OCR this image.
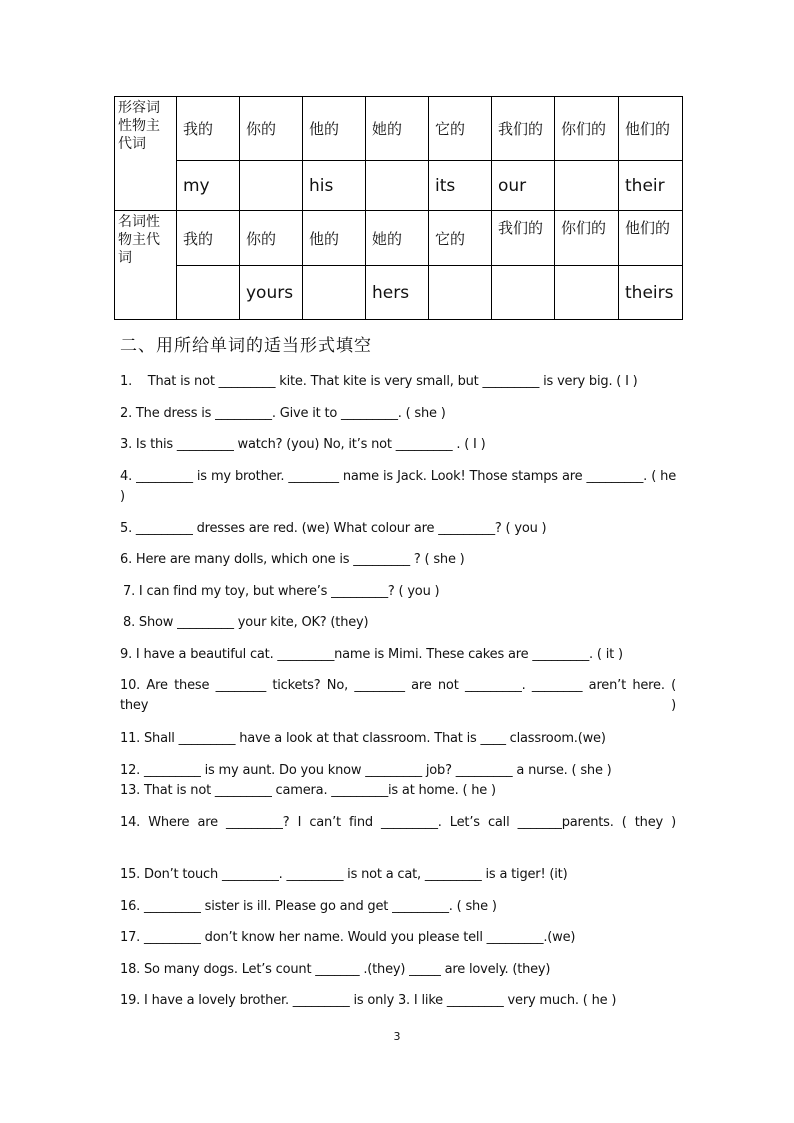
形容词性物主代词	我的	你的	他的	她的	它的	我们的	你们的	他们的
	my		his		its	our		their
名词性物主代词	我的	你的	他的	她的	它的	我们的	你们的	他们的
		yours		hers				theirs
二、用所给单词的适当形式填空
1.    That is not _________ kite. That kite is very small, but _________ is very big. ( I )
2. The dress is _________. Give it to _________. ( she )
3. Is this _________ watch? (you) No, it’s not _________ . ( I )
4. _________ is my brother. ________ name is Jack. Look! Those stamps are _________. ( he )
5. _________ dresses are red. (we) What colour are _________? ( you )
6. Here are many dolls, which one is _________ ? ( she )
7. I can find my toy, but where’s _________? ( you )
8. Show _________ your kite, OK? (they)
9. I have a beautiful cat. _________name is Mimi. These cakes are _________. ( it )
10. Are these ________ tickets? No, ________ are not _________. ________ aren’t here. ( they )
11. Shall _________ have a look at that classroom. That is ____ classroom.(we)
12. _________ is my aunt. Do you know _________ job? _________ a nurse. ( she )
13. That is not _________ camera. _________is at home. ( he )
14. Where are _________? I can’t find _________. Let’s call _______parents. ( they )
15. Don’t touch _________. _________ is not a cat, _________ is a tiger! (it)
16. _________ sister is ill. Please go and get _________. ( she )
17. _________ don’t know her name. Would you please tell _________.(we)
18. So many dogs. Let’s count _______ .(they) _____ are lovely. (they)
19. I have a lovely brother. _________ is only 3. I like _________ very much. ( he )
3
